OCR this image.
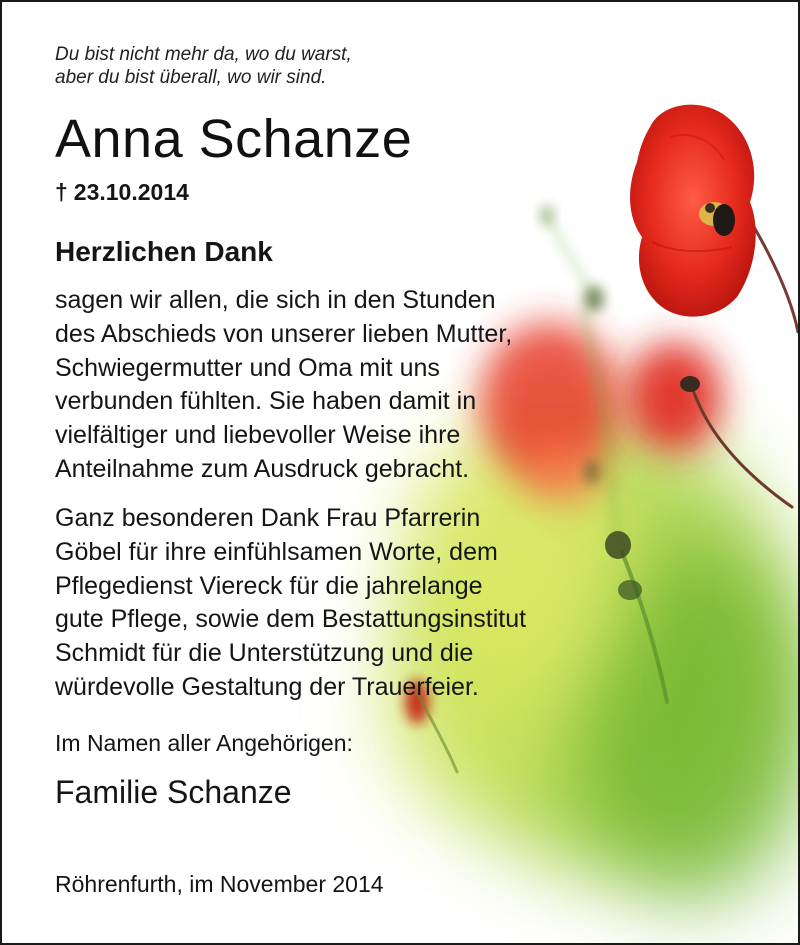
Du bist nicht mehr da, wo du warst,
aber du bist überall, wo wir sind.
Anna Schanze
† 23.10.2014
Herzlichen Dank
sagen wir allen, die sich in den Stunden
des Abschieds von unserer lieben Mutter,
Schwiegermutter und Oma mit uns
verbunden fühlten. Sie haben damit in
vielfältiger und liebevoller Weise ihre
Anteilnahme zum Ausdruck gebracht.
Ganz besonderen Dank Frau Pfarrerin
Göbel für ihre einfühlsamen Worte, dem
Pflegedienst Viereck für die jahrelange
gute Pflege, sowie dem Bestattungsinstitut
Schmidt für die Unterstützung und die
würdevolle Gestaltung der Trauerfeier.
Im Namen aller Angehörigen:
Familie Schanze
Röhrenfurth, im November 2014
